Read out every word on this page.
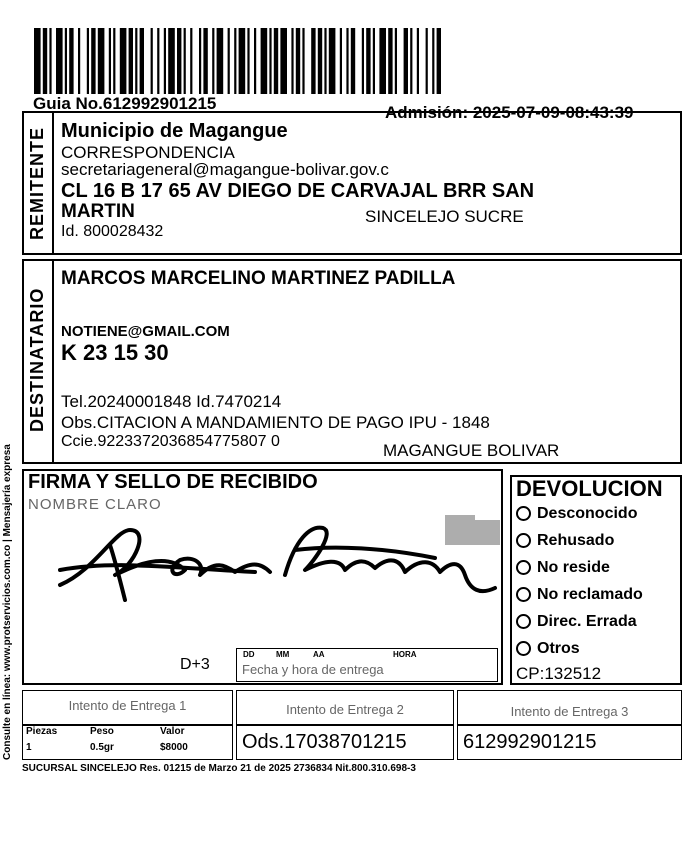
Guia No.612992901215	Admisión: 2025-07-09-08:43:39
Consulte en línea: www.protservicios.com.co | Mensajería expresa
REMITENTE Municipio de Magangue
CORRESPONDENCIA
secretariageneral@magangue-bolivar.gov.c
CL 16 B 17 65 AV DIEGO DE CARVAJAL BRR SAN
MARTIN	SINCELEJO SUCRE
Id. 800028432
DESTINATARIO
MARCOS MARCELINO MARTINEZ PADILLA
NOTIENE@GMAIL.COM
K 23 15 30
Tel.20240001848 Id.7470214
Obs.CITACION A MANDAMIENTO DE PAGO IPU - 1848
Ccie.9223372036854775807 0	MAGANGUE BOLIVAR
FIRMA Y SELLO DE RECIBIDO
NOMBRE CLARO
D+3
DD	MM	AA	HORA
Fecha y hora de entrega
DEVOLUCION
Desconocido
Rehusado
No reside
No reclamado
Direc. Errada
Otros
CP:132512
Intento de Entrega 1	Intento de Entrega 2	Intento de Entrega 3
Piezas	Peso	Valor
1	0.5gr	$8000	Ods.17038701215	612992901215
SUCURSAL SINCELEJO Res. 01215 de Marzo 21 de 2025 2736834 Nit.800.310.698-3
